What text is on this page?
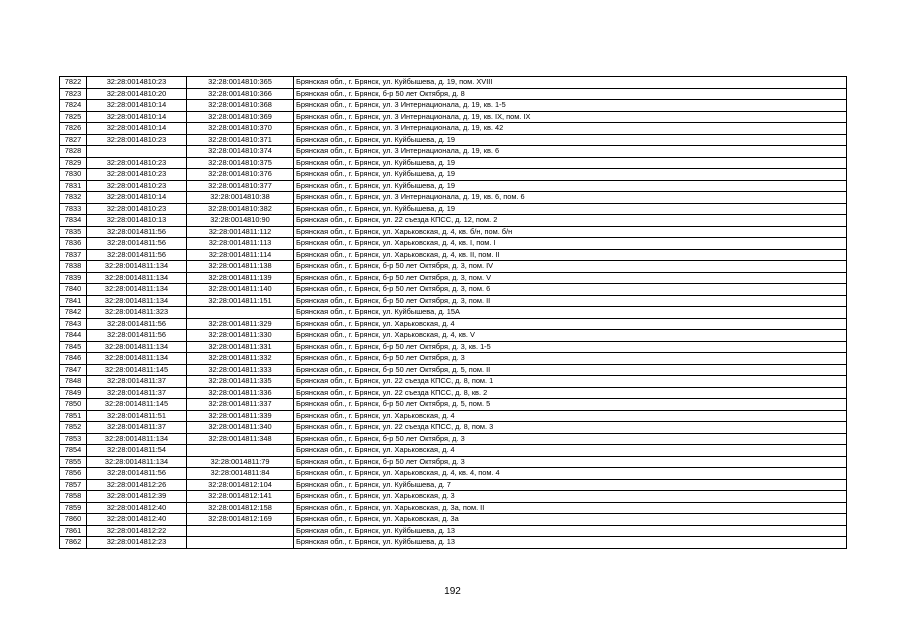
7822	32:28:0014810:23	32:28:0014810:365	Брянская обл., г. Брянск, ул. Куйбышева, д. 19, пом. XVIII
7823	32:28:0014810:20	32:28:0014810:366	Брянская обл., г. Брянск, б-р 50 лет Октября, д. 8
7824	32:28:0014810:14	32:28:0014810:368	Брянская обл., г. Брянск, ул. 3 Интернационала, д. 19, кв. 1-5
7825	32:28:0014810:14	32:28:0014810:369	Брянская обл., г. Брянск, ул. 3 Интернационала, д. 19, кв. IX, пом. IX
7826	32:28:0014810:14	32:28:0014810:370	Брянская обл., г. Брянск, ул. 3 Интернационала, д. 19, кв. 42
7827	32:28:0014810:23	32:28:0014810:371	Брянская обл., г. Брянск, ул. Куйбышева, д. 19
7828		32:28:0014810:374	Брянская обл., г. Брянск, ул. 3 Интернационала, д. 19, кв. 6
7829	32:28:0014810:23	32:28:0014810:375	Брянская обл., г. Брянск, ул. Куйбышева, д. 19
7830	32:28:0014810:23	32:28:0014810:376	Брянская обл., г. Брянск, ул. Куйбышева, д. 19
7831	32:28:0014810:23	32:28:0014810:377	Брянская обл., г. Брянск, ул. Куйбышева, д. 19
7832	32:28:0014810:14	32:28:0014810:38	Брянская обл., г. Брянск, ул. 3 Интернационала, д. 19, кв. 6, пом. 6
7833	32:28:0014810:23	32:28:0014810:382	Брянская обл., г. Брянск, ул. Куйбышева, д. 19
7834	32:28:0014810:13	32:28:0014810:90	Брянская обл., г. Брянск, ул. 22 съезда КПСС, д. 12, пом. 2
7835	32:28:0014811:56	32:28:0014811:112	Брянская обл., г. Брянск, ул. Харьковская, д. 4, кв. б/н, пом. б/н
7836	32:28:0014811:56	32:28:0014811:113	Брянская обл., г. Брянск, ул. Харьковская, д. 4, кв. I, пом. I
7837	32:28:0014811:56	32:28:0014811:114	Брянская обл., г. Брянск, ул. Харьковская, д. 4, кв. II, пом. II
7838	32:28:0014811:134	32:28:0014811:138	Брянская обл., г. Брянск, б-р 50 лет Октября, д. 3, пом. IV
7839	32:28:0014811:134	32:28:0014811:139	Брянская обл., г. Брянск, б-р 50 лет Октября, д. 3, пом. V
7840	32:28:0014811:134	32:28:0014811:140	Брянская обл., г. Брянск, б-р 50 лет Октября, д. 3, пом. 6
7841	32:28:0014811:134	32:28:0014811:151	Брянская обл., г. Брянск, б-р 50 лет Октября, д. 3, пом. II
7842	32:28:0014811:323		Брянская обл., г. Брянск, ул. Куйбышева, д. 15А
7843	32:28:0014811:56	32:28:0014811:329	Брянская обл., г. Брянск, ул. Харьковская, д. 4
7844	32:28:0014811:56	32:28:0014811:330	Брянская обл., г. Брянск, ул. Харьковская, д. 4, кв. V
7845	32:28:0014811:134	32:28:0014811:331	Брянская обл., г. Брянск, б-р 50 лет Октября, д. 3, кв. 1-5
7846	32:28:0014811:134	32:28:0014811:332	Брянская обл., г. Брянск, б-р 50 лет Октября, д. 3
7847	32:28:0014811:145	32:28:0014811:333	Брянская обл., г. Брянск, б-р 50 лет Октября, д. 5, пом. II
7848	32:28:0014811:37	32:28:0014811:335	Брянская обл., г. Брянск, ул. 22 съезда КПСС, д. 8, пом. 1
7849	32:28:0014811:37	32:28:0014811:336	Брянская обл., г. Брянск, ул. 22 съезда КПСС, д. 8, кв. 2
7850	32:28:0014811:145	32:28:0014811:337	Брянская обл., г. Брянск, б-р 50 лет Октября, д. 5, пом. 5
7851	32:28:0014811:51	32:28:0014811:339	Брянская обл., г. Брянск, ул. Харьковская, д. 4
7852	32:28:0014811:37	32:28:0014811:340	Брянская обл., г. Брянск, ул. 22 съезда КПСС, д. 8, пом. 3
7853	32:28:0014811:134	32:28:0014811:348	Брянская обл., г. Брянск, б-р 50 лет Октября, д. 3
7854	32:28:0014811:54		Брянская обл., г. Брянск, ул. Харьковская, д. 4
7855	32:28:0014811:134	32:28:0014811:79	Брянская обл., г. Брянск, б-р 50 лет Октября, д. 3
7856	32:28:0014811:56	32:28:0014811:84	Брянская обл., г. Брянск, ул. Харьковская, д. 4, кв. 4, пом. 4
7857	32:28:0014812:26	32:28:0014812:104	Брянская обл., г. Брянск, ул. Куйбышева, д. 7
7858	32:28:0014812:39	32:28:0014812:141	Брянская обл., г. Брянск, ул. Харьковская, д. 3
7859	32:28:0014812:40	32:28:0014812:158	Брянская обл., г. Брянск, ул. Харьковская, д. 3а, пом. II
7860	32:28:0014812:40	32:28:0014812:169	Брянская обл., г. Брянск, ул. Харьковская, д. 3а
7861	32:28:0014812:22		Брянская обл., г. Брянск, ул. Куйбышева, д. 13
7862	32:28:0014812:23		Брянская обл., г. Брянск, ул. Куйбышева, д. 13
192
